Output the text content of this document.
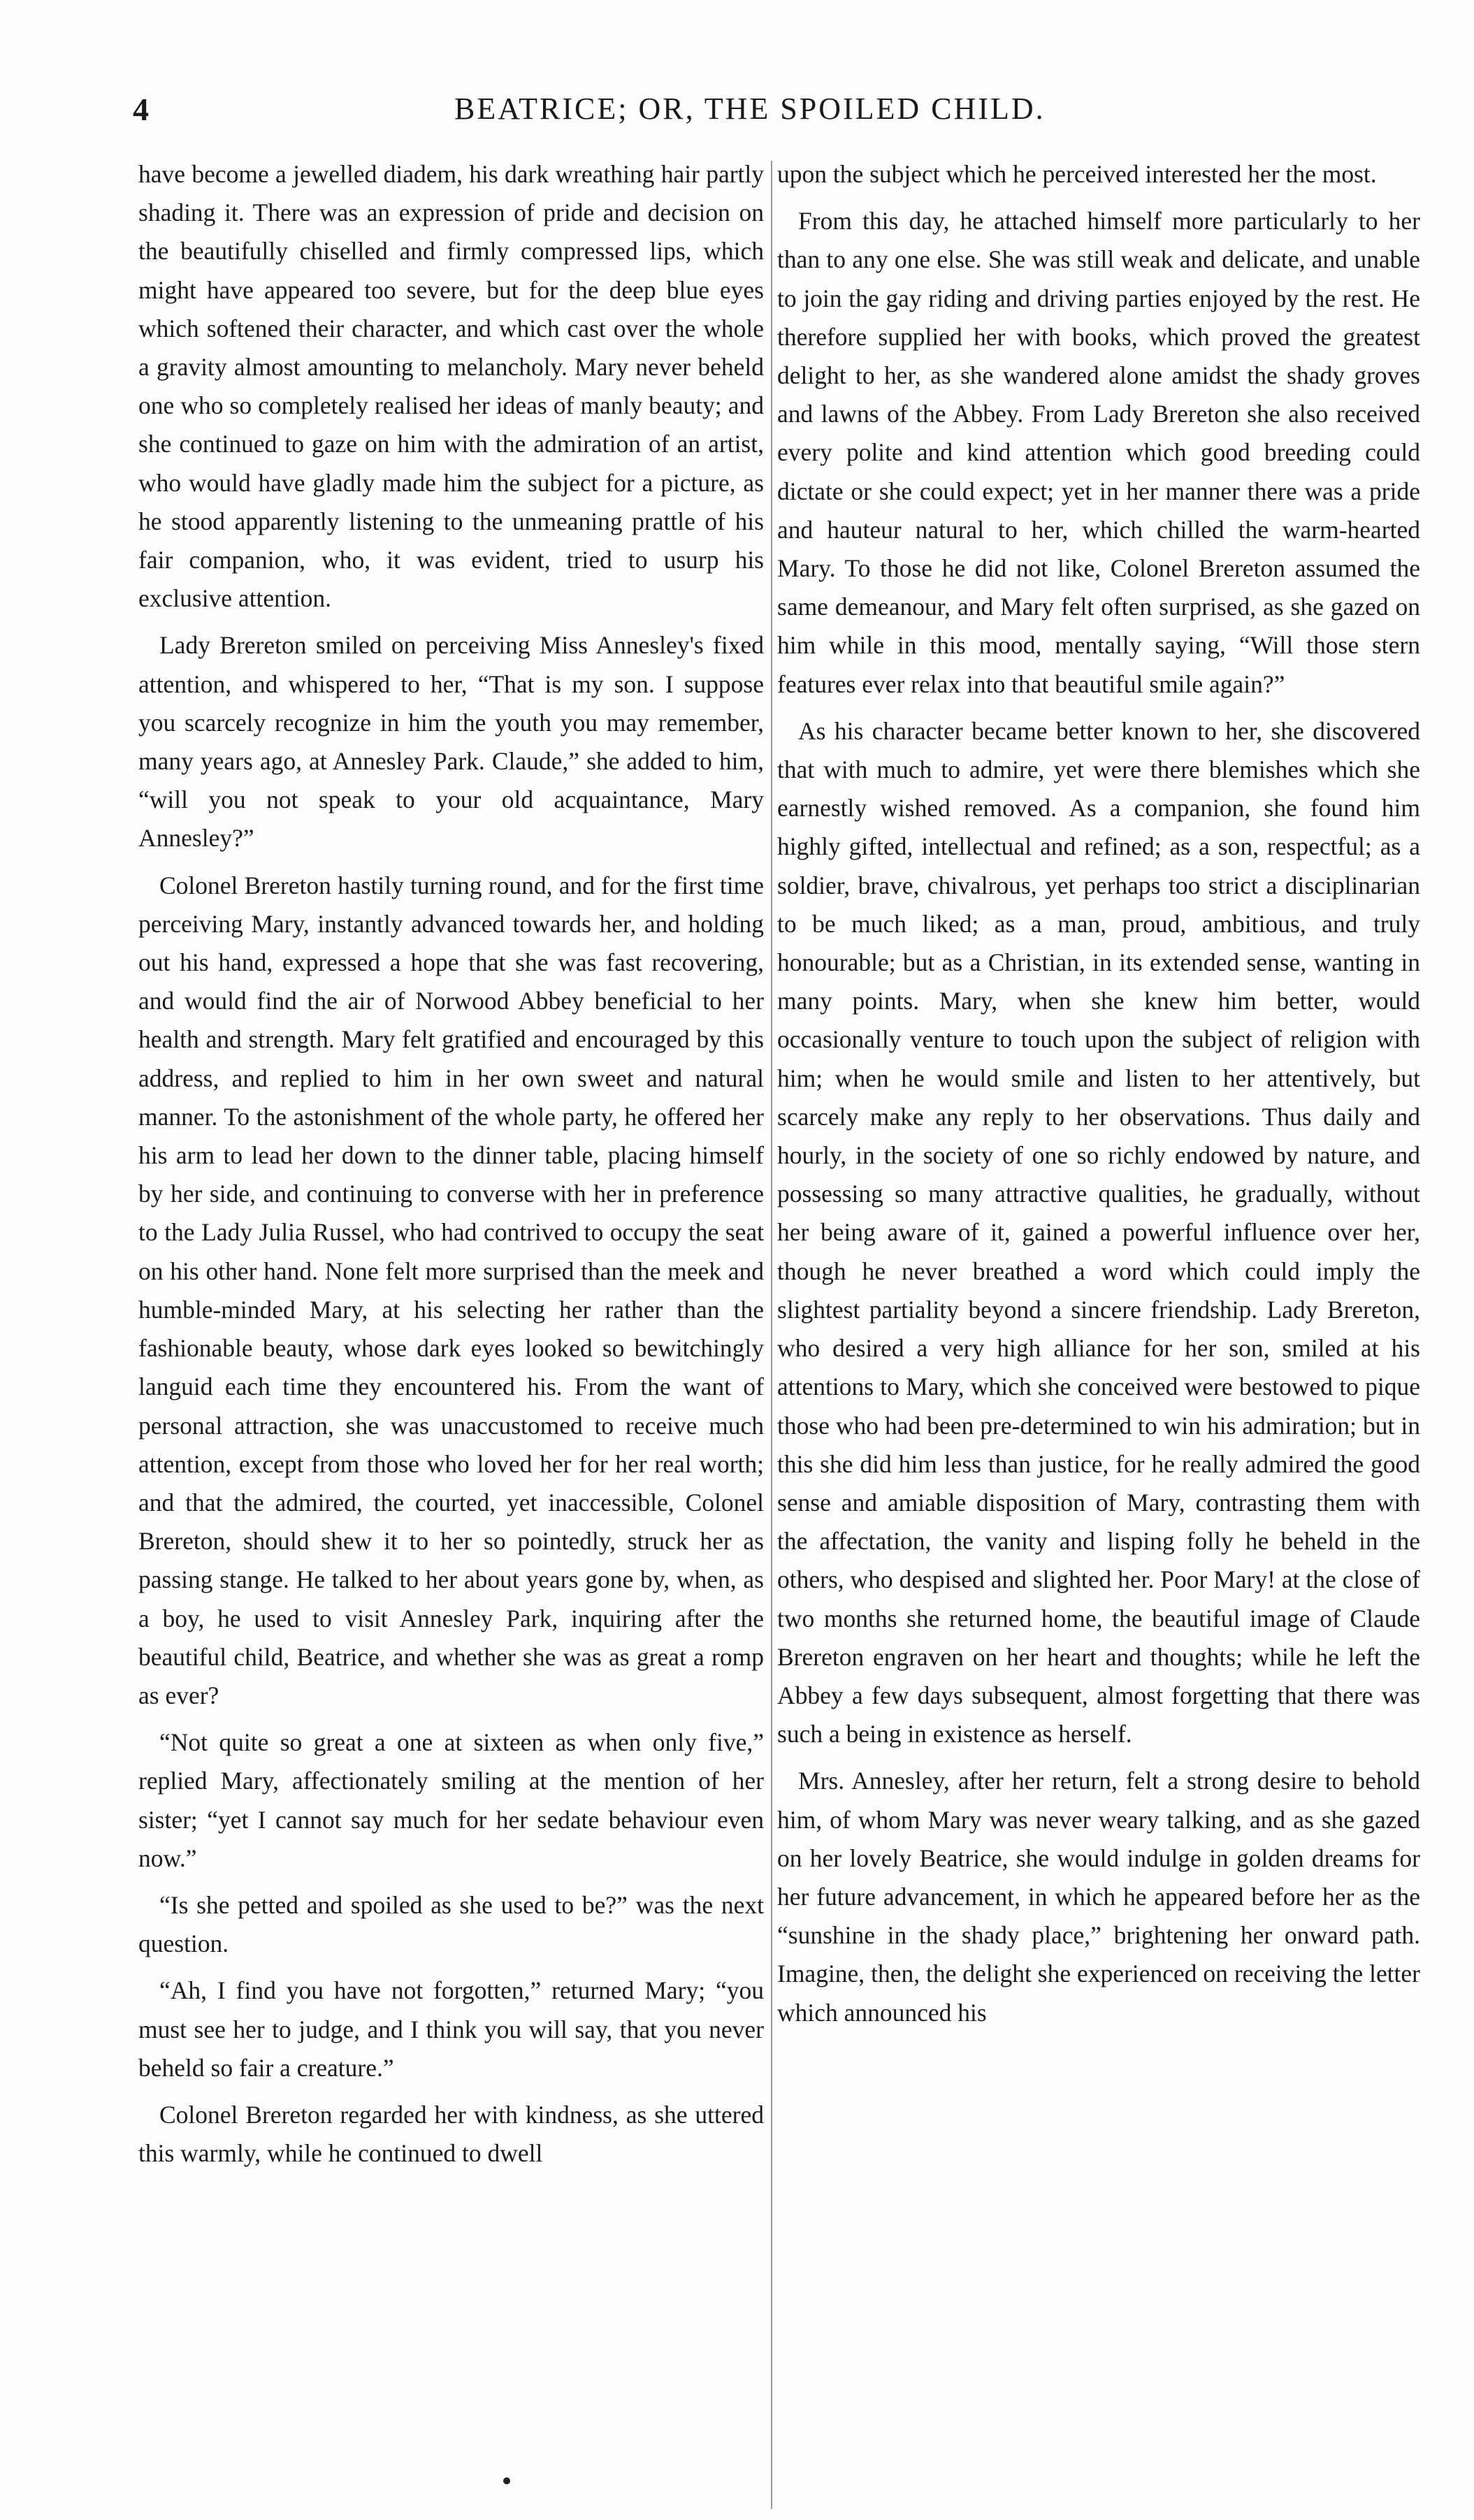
4	BEATRICE; OR, THE SPOILED CHILD.

have become a jewelled diadem, his dark wreathing hair partly shading it. There was an expression of pride and decision on the beautifully chiselled and firmly compressed lips, which might have appeared too severe, but for the deep blue eyes which softened their character, and which cast over the whole a gravity almost amounting to melancholy. Mary never beheld one who so completely realised her ideas of manly beauty; and she continued to gaze on him with the admiration of an artist, who would have gladly made him the subject for a picture, as he stood apparently listening to the unmeaning prattle of his fair companion, who, it was evident, tried to usurp his exclusive attention.

Lady Brereton smiled on perceiving Miss Annesley's fixed attention, and whispered to her, “That is my son. I suppose you scarcely recognize in him the youth you may remember, many years ago, at Annesley Park. Claude,” she added to him, “will you not speak to your old acquaintance, Mary Annesley?”

Colonel Brereton hastily turning round, and for the first time perceiving Mary, instantly advanced towards her, and holding out his hand, expressed a hope that she was fast recovering, and would find the air of Norwood Abbey beneficial to her health and strength. Mary felt gratified and encouraged by this address, and replied to him in her own sweet and natural manner. To the astonishment of the whole party, he offered her his arm to lead her down to the dinner table, placing himself by her side, and continuing to converse with her in preference to the Lady Julia Russel, who had contrived to occupy the seat on his other hand. None felt more surprised than the meek and humble-minded Mary, at his selecting her rather than the fashionable beauty, whose dark eyes looked so bewitchingly languid each time they encountered his. From the want of personal attraction, she was unaccustomed to receive much attention, except from those who loved her for her real worth; and that the admired, the courted, yet inaccessible, Colonel Brereton, should shew it to her so pointedly, struck her as passing stange. He talked to her about years gone by, when, as a boy, he used to visit Annesley Park, inquiring after the beautiful child, Beatrice, and whether she was as great a romp as ever?

“Not quite so great a one at sixteen as when only five,” replied Mary, affectionately smiling at the mention of her sister; “yet I cannot say much for her sedate behaviour even now.”

“Is she petted and spoiled as she used to be?” was the next question.

“Ah, I find you have not forgotten,” returned Mary; “you must see her to judge, and I think you will say, that you never beheld so fair a creature.”

Colonel Brereton regarded her with kindness, as she uttered this warmly, while he continued to dwell

upon the subject which he perceived interested her the most.

From this day, he attached himself more particularly to her than to any one else. She was still weak and delicate, and unable to join the gay riding and driving parties enjoyed by the rest. He therefore supplied her with books, which proved the greatest delight to her, as she wandered alone amidst the shady groves and lawns of the Abbey. From Lady Brereton she also received every polite and kind attention which good breeding could dictate or she could expect; yet in her manner there was a pride and hauteur natural to her, which chilled the warm-hearted Mary. To those he did not like, Colonel Brereton assumed the same demeanour, and Mary felt often surprised, as she gazed on him while in this mood, mentally saying, “Will those stern features ever relax into that beautiful smile again?”

As his character became better known to her, she discovered that with much to admire, yet were there blemishes which she earnestly wished removed. As a companion, she found him highly gifted, intellectual and refined; as a son, respectful; as a soldier, brave, chivalrous, yet perhaps too strict a disciplinarian to be much liked; as a man, proud, ambitious, and truly honourable; but as a Christian, in its extended sense, wanting in many points. Mary, when she knew him better, would occasionally venture to touch upon the subject of religion with him; when he would smile and listen to her attentively, but scarcely make any reply to her observations. Thus daily and hourly, in the society of one so richly endowed by nature, and possessing so many attractive qualities, he gradually, without her being aware of it, gained a powerful influence over her, though he never breathed a word which could imply the slightest partiality beyond a sincere friendship. Lady Brereton, who desired a very high alliance for her son, smiled at his attentions to Mary, which she conceived were bestowed to pique those who had been pre-determined to win his admiration; but in this she did him less than justice, for he really admired the good sense and amiable disposition of Mary, contrasting them with the affectation, the vanity and lisping folly he beheld in the others, who despised and slighted her. Poor Mary! at the close of two months she returned home, the beautiful image of Claude Brereton engraven on her heart and thoughts; while he left the Abbey a few days subsequent, almost forgetting that there was such a being in existence as herself.

Mrs. Annesley, after her return, felt a strong desire to behold him, of whom Mary was never weary talking, and as she gazed on her lovely Beatrice, she would indulge in golden dreams for her future advancement, in which he appeared before her as the “sunshine in the shady place,” brightening her onward path. Imagine, then, the delight she experienced on receiving the letter which announced his
